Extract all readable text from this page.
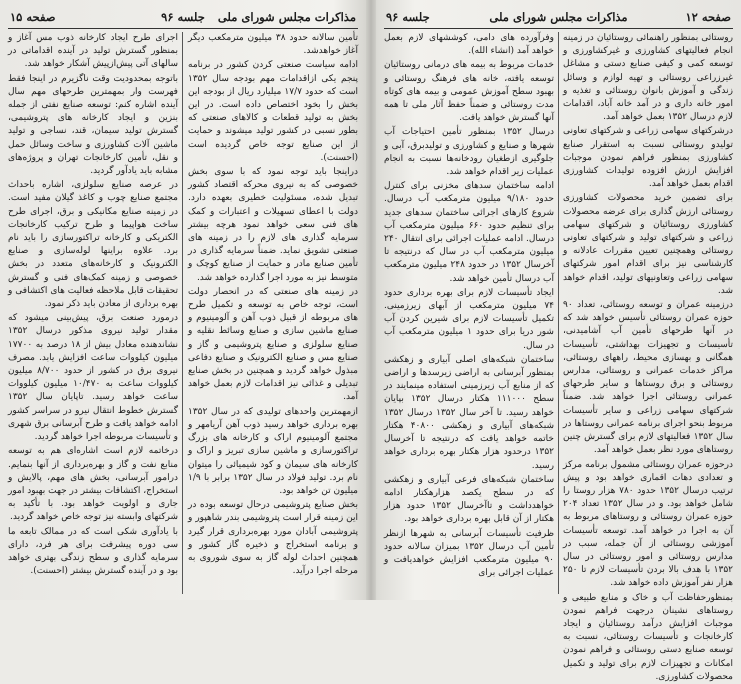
مذاکرات مجلس شورای ملی
جلسه ۹۶
صفحه ۱۵

تأمین سالانه حدود ۳۸ میلیون مترمکعب دیگر آغاز خواهدشد.

ادامه سیاست صنعتی کردن کشور در برنامه پنجم یکی ازاقدامات مهم بودجه سال ۱۳۵۲ است که حدود ۱۷/۷ میلیارد ریال از بودجه این بخش را بخود اختصاص داده است. در این بخش به تولید قطعات و کالاهای صنعتی که بطور نسبی در کشور تولید میشوند و حمایت از این صنایع توجه خاص گردیده است (احسنت).

دراینجا باید توجه نمود که با سوی بخش خصوصی که به نیروی محرکه اقتصاد کشور تبدیل شده، مسئولیت خطیری بعهده دارد. دولت با اعطای تسهیلات و اعتبارات و کمک های فنی سعی خواهد نمود هرچه بیشتر سرمایه گذاری های لازم را در زمینه های صنعتی تشویق نماید. ضمناً سرمایه گذاری در تأمین صنایع مادر و حمایت از صنایع کوچک و متوسط نیز به مورد اجرا گذارده خواهد شد.

در زمینه های صنعتی که در انحصار دولت است، توجه خاص به توسعه و تکمیل طرح های مربوطه از قبیل ذوب آهن و آلومینیوم و صنایع ماشین سازی و صنایع وسائط نقلیه و صنایع سلولزی و صنایع پتروشیمی و گاز و صنایع مس و صنایع الکترونیک و صنایع دفاعی مبذول خواهد گردید و همچنین در بخش صنایع تبدیلی و غذائی نیز اقدامات لازم بعمل خواهد آمد.

ازمهمترین واحدهای تولیدی که در سال ۱۳۵۲ بهره برداری خواهد رسید ذوب آهن آریامهر و مجتمع آلومینیوم اراک و کارخانه های بزرگ تراکتورسازی و ماشین سازی تبریز و اراک و کارخانه های سیمان و کود شیمیائی را میتوان نام برد. تولید فولاد در سال ۱۳۵۲ برابر با ۱/۹ میلیون تن خواهد بود.

بخش صنایع پتروشیمی درحال توسعه بوده در این زمینه قرار است پتروشیمی بندر شاهپور و پتروشیمی آبادان مورد بهره‌برداری قرار گیرد و برنامه استخراج و ذخیره گاز کشور و همچنین احداث لوله گاز به سوی شوروی به مرحله اجرا درآید.

اجرای طرح ایجاد کارخانه ذوب مس آغاز و بمنظور گسترش تولید در آینده اقداماتی در سالهای آتی پیش‌ازپیش آشکار خواهد شد.

باتوجه بمحدودیت وقت ناگزیرم در اینجا فقط فهرست وار بمهمترین طرحهای مهم سال آینده اشاره کنم: توسعه صنایع نفتی از جمله بنزین و ایجاد کارخانه های پتروشیمی، گسترش تولید سیمان، قند، نساجی و تولید ماشین آلات کشاورزی و ساخت وسائل حمل و نقل، تأمین کارخانجات تهران و پروژه‌های مشابه باید یادآور گردید.

در عرصه صنایع سلولزی، اشاره باحداث مجتمع صنایع چوب و کاغذ گیلان مفید است. در زمینه صنایع مکانیکی و برق، اجرای طرح ساخت هواپیما و طرح ترکیب کارخانجات الکتریکی و کارخانه تراکتورسازی را باید نام برد. علاوه براینها لوله‌سازی و صنایع الکترونیک و کارخانه‌های متعدد در بخش خصوصی و زمینه کمک‌های فنی و گسترش تحقیقات قابل ملاحظه فعالیت های اکتشافی و بهره برداری از معادن باید ذکر نمود.

درمورد صنعت برق، پیش‌بینی میشود که مقدار تولید نیروی مذکور درسال ۱۳۵۲ نشاندهنده معادل بیش از ۱۸ درصد به ۱۷۷۰۰ میلیون کیلووات ساعت افزایش یابد. مصرف نیروی برق در کشور از حدود ۸/۷۰۰ میلیون کیلووات ساعت به ۱۰/۴۷۰ میلیون کیلووات ساعت خواهد رسید. تاپایان سال ۱۳۵۲ گسترش خطوط انتقال نیرو در سراسر کشور ادامه خواهد یافت و طرح آبرسانی برق شهری و تأسیسات مربوطه اجرا خواهد گردید.

درخاتمه لازم است اشاره‌ای هم به توسعه منابع نفت و گاز و بهره‌برداری از آنها بنمایم. درامور آبرسانی، بخش های مهم، پالایش و استخراج، اکتشافات بیشتر در جهت بهبود امور جاری و اولویت خواهد بود. با تأکید به شرکتهای وابسته نیز توجه خاص خواهد گردید.

با یادآوری شکی است که در ممالک تابعه ما سی دوره پیشرفت برای هر فرد، دارای سرمایه گذاری و سطح زندگی بهتری خواهد بود و در آینده گسترش بیشتر (احسنت).

صفحه ۱۲
مذاکرات مجلس شورای ملی
جلسه ۹۶

روستائی بمنظور راهنمائی روستائیان در زمینه انجام فعالیتهای کشاورزی و غیرکشاورزی و توسعه کمی و کیفی صنایع دستی و مشاغل غیرزراعی روستائی و تهیه لوازم و وسائل زندگی و آموزش بانوان روستائی و تغذیه و امور خانه داری و در آمد خانه آباد، اقدامات لازم درسال ۱۳۵۲ بعمل خواهد آمد.

درشرکتهای سهامی زراعی و شرکتهای تعاونی تولیدو روستائی نسبت به استقرار صنایع کشاورزی بمنظور فراهم نمودن موجبات افزایش ارزش افزوده تولیدات کشاورزی اقدام بعمل خواهد آمد.

برای تضمین خرید محصولات کشاورزی روستائی ارزش گذاری برای عرضه محصولات کشاورزی روستائیان و شرکتهای سهامی زراعی و شرکتهای تولید و شرکتهای تعاونی روستائی وهمچنین تعیین مقررات عادلانه و کارشناسی نیز برای اقدام امور شرکتهای سهامی زراعی وتعاونیهای تولید، اقدام خواهد شد.

درزمینه عمران و توسعه روستائی، تعداد ۹۰ حوزه عمران روستائی تأسیس خواهد شد که در آنها طرحهای تأمین آب آشامیدنی، تأسیسات و تجهیزات بهداشتی، تأسیسات همگانی و بهسازی محیط، راههای روستائی، مراکز خدمات عمرانی و روستائی، مدارس روستائی و برق روستاها و سایر طرحهای عمرانی روستائی اجرا خواهد شد. ضمناً شرکتهای سهامی زراعی و سایر تأسیسات مربوط بنحو اجرای برنامه عمرانی روستاها در سال ۱۳۵۲ فعالیتهای لازم برای گسترش چنین روستاهای مورد نظر بعمل خواهد آمد.

درحوزه عمران روستائی مشمول برنامه مرکز و تعدادی دهات اقماری خواهد بود و پیش ترتیب درسال ۱۳۵۲ حدود ۷۸۰ هزار روستا را شامل خواهد بود. و در سال ۱۳۵۲ تعداد ۲۰۴ حوزه عمران روستائی و روستاهای مربوط به آن به اجرا در خواهد آمد. توسعه تأسیسات آموزشی روستائی از آن جمله، سبب در مدارس روستائی و امور روستائی در سال ۱۳۵۲ با هدف بالا بردن تأسیسات لازم تا ۲۵۰ هزار نفر آموزش داده خواهد شد.

بمنظورحفاظت آب و خاک و منابع طبیعی و روستاهای نشینان درجهت فراهم نمودن موجبات افزایش درآمد روستائیان و ایجاد کارخانجات و تأسیسات روستائی، نسبت به توسعه صنایع دستی روستائی و فراهم نمودن امکانات و تجهیزات لازم برای تولید و تکمیل محصولات کشاورزی.

وفرآورده های دامی، کوششهای لازم بعمل خواهد آمد (انشاء الله).

خدمات مربوط به بیمه های درمانی روستائیان توسعه یافته، خانه های فرهنگ روستائی و بهبود سطح آموزش عمومی و بیمه های کوتاه مدت روستائی و ضمناً حفظ آثار ملی تا همه آنها گسترش خواهد یافت.

درسال ۱۳۵۲ بمنظور تأمین احتیاجات آب شهرها و صنایع و کشاورزی و تولیدبرق، آبی و جلوگیری ازطغیان رودخانه‌ها نسبت به انجام عملیات زیر اقدام خواهد شد.

ادامه ساختمان سدهای مخزنی برای کنترل حدود ۹/۱۸۰ میلیون مترمکعب آب درسال. شروع کارهای اجرائی ساختمان سدهای جدید برای تنظیم حدود ۶۶۰ میلیون مترمکعب آب درسال. ادامه عملیات اجرائی برای انتقال ۲۴۰ میلیون مترمکعب آب در سال که درنتیجه تا آخرسال ۱۳۵۲ در حدود ۲۴۸ میلیون مترمکعب آب درسال تأمین خواهد شد.

ایجاد تأسیسات لازم برای بهره برداری حدود ۷۴ میلیون مترمکعب از آبهای زیرزمینی. تکمیل تأسیسات لازم برای شیرین کردن آب شور دریا برای حدود ۱ میلیون مترمکعب آب در سال.

ساختمان شبکه‌های اصلی آبیاری و زهکشی بمنظور آبرسانی به اراضی زیرسدها و اراضی که از منابع آب زیرزمینی استفاده مینمایند در سطح ۱۱۱۰۰۰ هکتار درسال ۱۳۵۲ بپایان خواهد رسید. تا آخر سال ۱۳۵۲ درسال ۱۳۵۲ شبکه‌های آبیاری و زهکشی ۴۰۸۰۰ هکتار خاتمه خواهد یافت که درنتیجه تا آخرسال ۱۳۵۲ درحدود هزار هکتار بهره برداری خواهد رسید.

ساختمان شبکه‌های فرعی آبیاری و زهکشی که در سطح یکصد هزارهکتار ادامه خواهدداشت و تاآخرسال ۱۳۵۲ حدود هزار هکتار از آن قابل بهره برداری خواهد بود.

ظرفیت تأسیسات آبرسانی به شهرها ازنظر تأمین آب درسال ۱۳۵۲ بمیزان سالانه حدود ۹۰ میلیون مترمکعب افزایش خواهدیافت و عملیات اجرائی برای
